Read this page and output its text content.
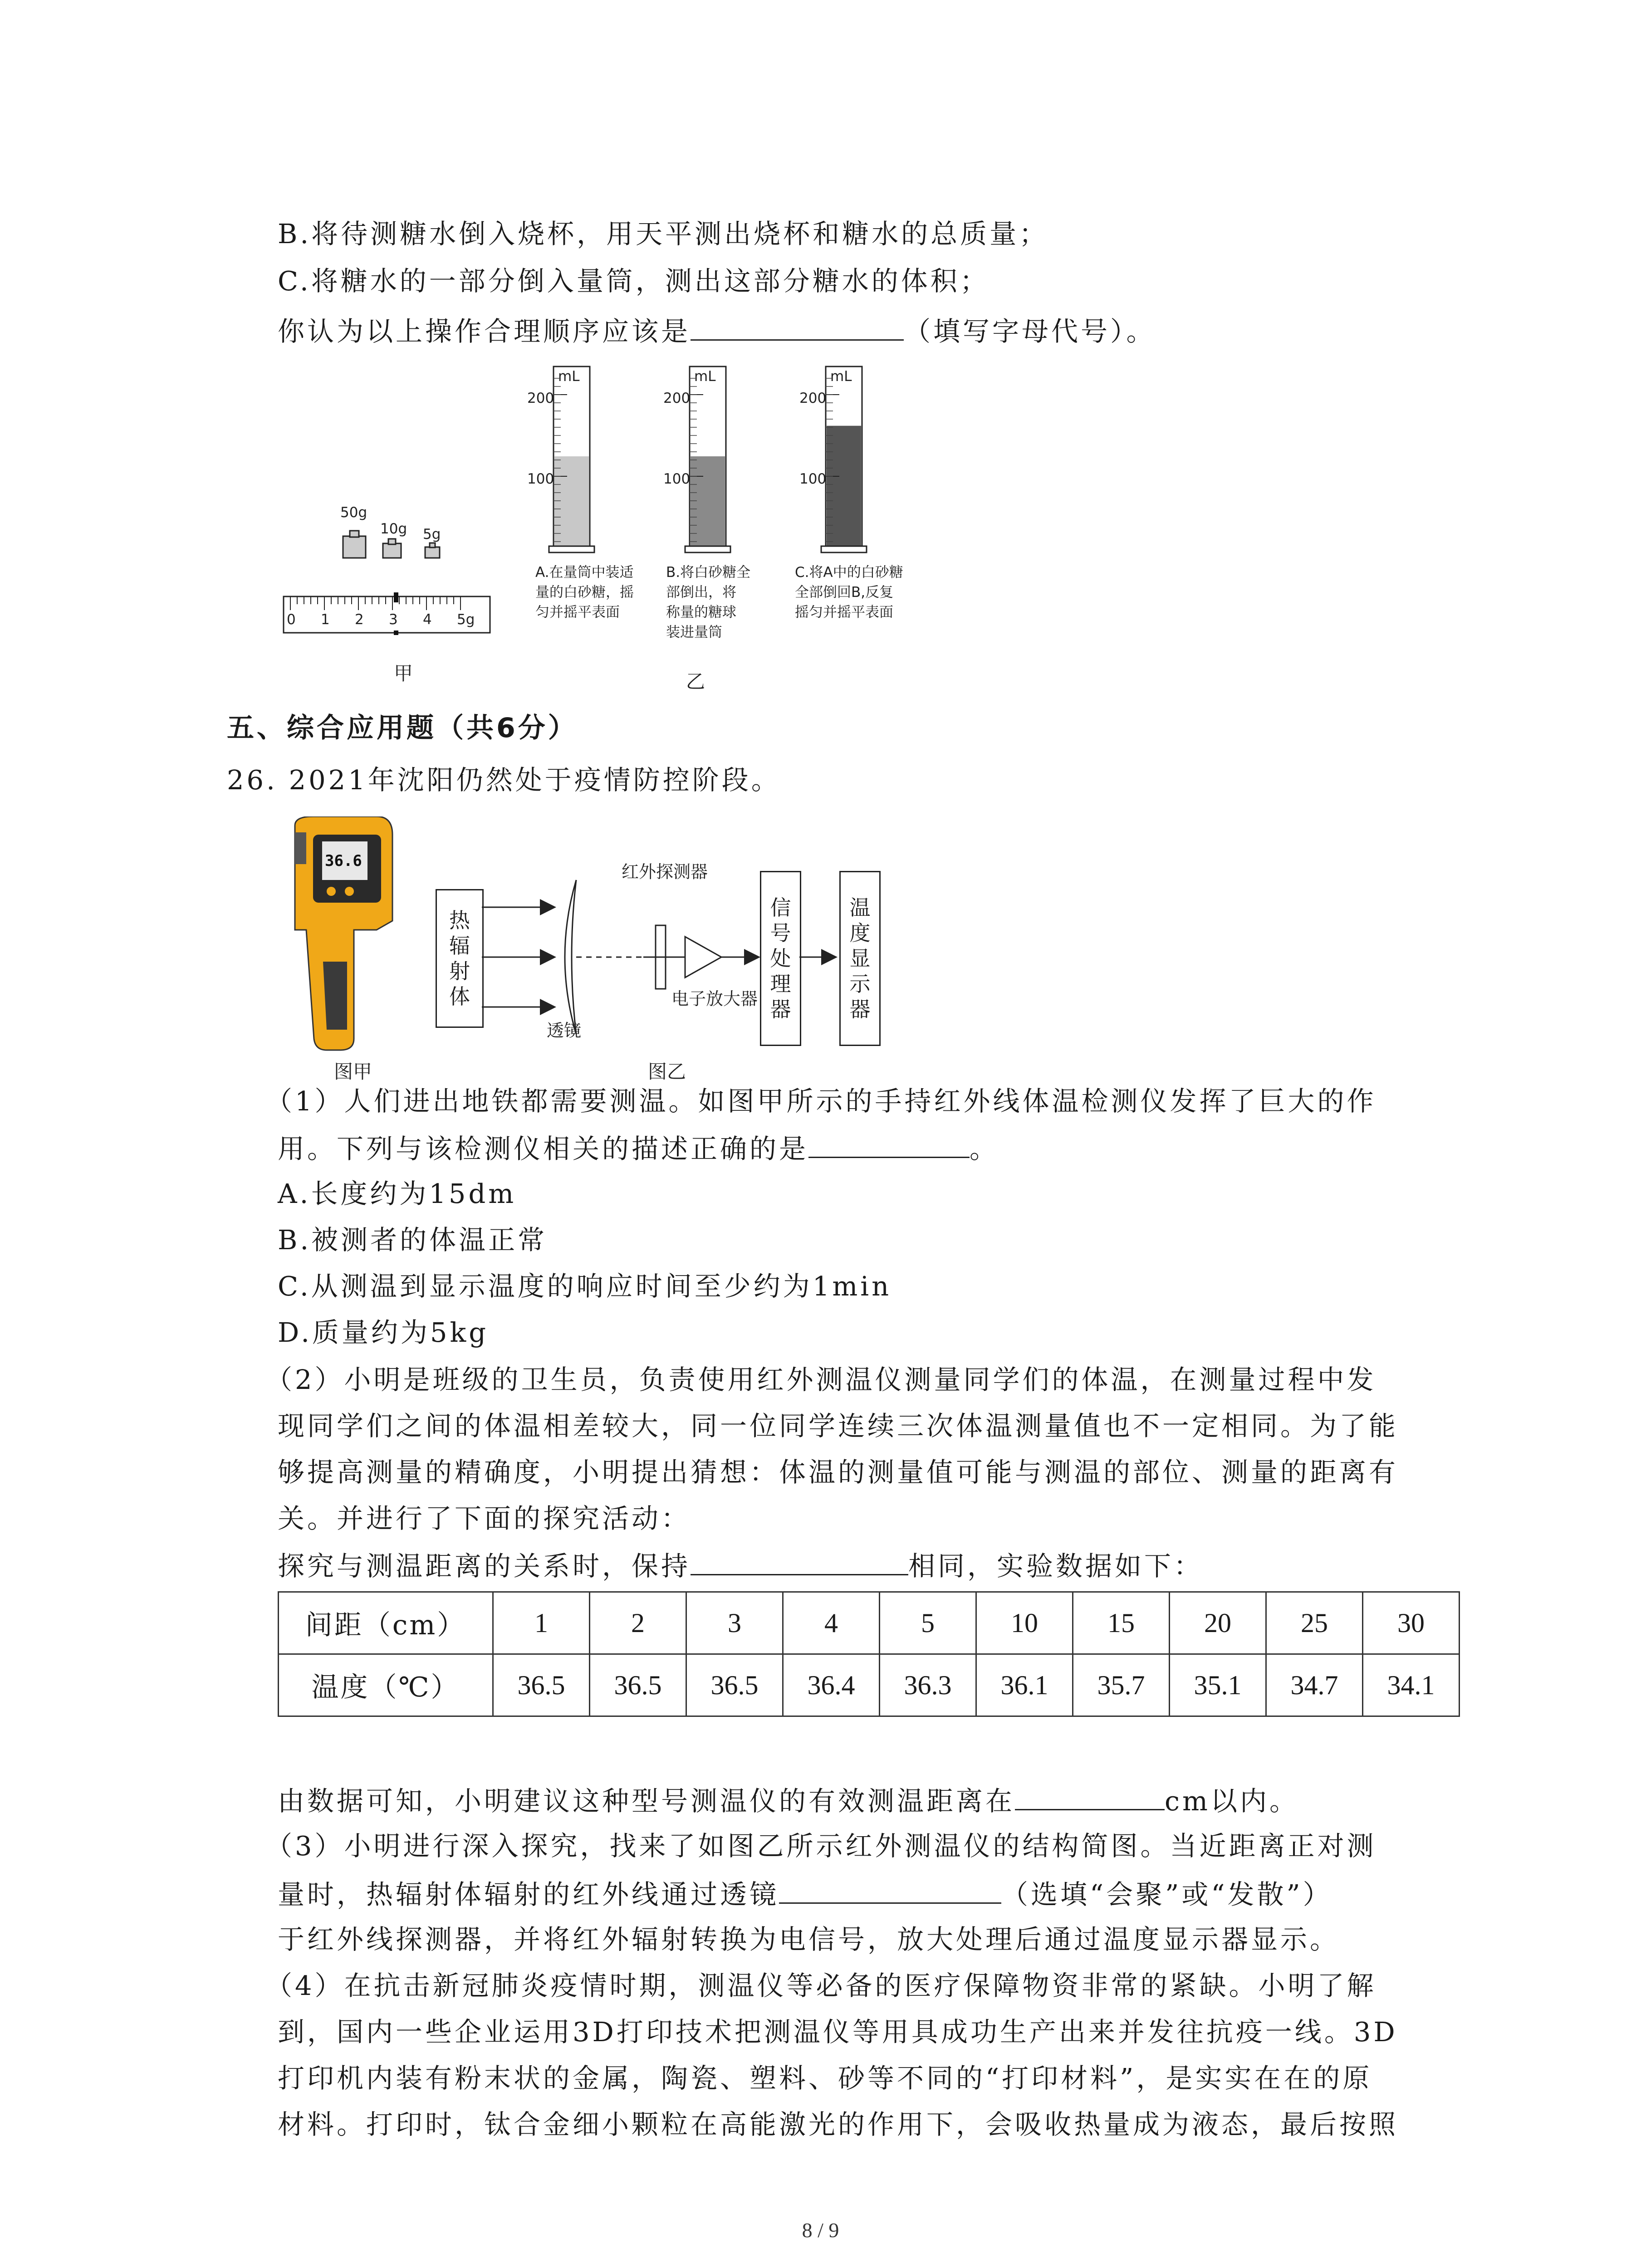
B.将待测糖水倒入烧杯，用天平测出烧杯和糖水的总质量；
C.将糖水的一部分倒入量筒，测出这部分糖水的体积；
你认为以上操作合理顺序应该是	（填写字母代号）。
50g
10g 5g
0 1 2 3 4 5g
甲
mL
200
100
mL
200
100
mL
200
100
A.在量筒中装适
量的白砂糖，摇
匀并摇平表面
B.将白砂糖全
部倒出，将
称量的糖球
装进量筒
C.将A中的白砂糖
全部倒回B,反复
摇匀并摇平表面
乙
五、综合应用题（共6分）
26. 2021年沈阳仍然处于疫情防控阶段。
36.6
图甲
热辐射体
红外探测器
透镜
电子放大器
信号处理器
温度显示器
图乙
（1）人们进出地铁都需要测温。如图甲所示的手持红外线体温检测仪发挥了巨大的作
用。下列与该检测仪相关的描述正确的是	。
A.长度约为15dm
B.被测者的体温正常
C.从测温到显示温度的响应时间至少约为1min
D.质量约为5kg
（2）小明是班级的卫生员，负责使用红外测温仪测量同学们的体温，在测量过程中发
现同学们之间的体温相差较大，同一位同学连续三次体温测量值也不一定相同。为了能
够提高测量的精确度，小明提出猜想：体温的测量值可能与测温的部位、测量的距离有
关。并进行了下面的探究活动：
探究与测温距离的关系时，保持	相同，实验数据如下：
间距（cm）	1	2	3	4	5	10	15	20	25	30
温度（℃）	36.5	36.5	36.5	36.4	36.3	36.1	35.7	35.1	34.7	34.1
由数据可知，小明建议这种型号测温仪的有效测温距离在	cm以内。
（3）小明进行深入探究，找来了如图乙所示红外测温仪的结构简图。当近距离正对测
量时，热辐射体辐射的红外线通过透镜	（选填“会聚”或“发散”）
于红外线探测器，并将红外辐射转换为电信号，放大处理后通过温度显示器显示。
（4）在抗击新冠肺炎疫情时期，测温仪等必备的医疗保障物资非常的紧缺。小明了解
到，国内一些企业运用3D打印技术把测温仪等用具成功生产出来并发往抗疫一线。3D
打印机内装有粉末状的金属，陶瓷、塑料、砂等不同的“打印材料”，是实实在在的原
材料。打印时，钛合金细小颗粒在高能激光的作用下，会吸收热量成为液态，最后按照
8 / 9
